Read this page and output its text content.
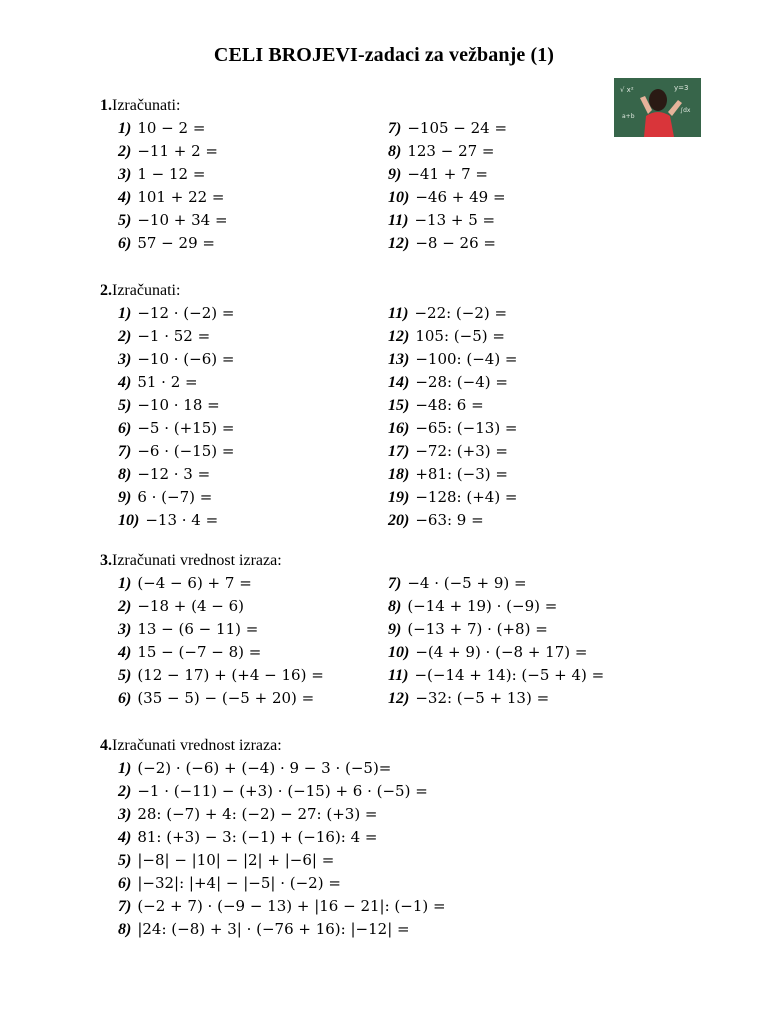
CELI BROJEVI-zadaci za vežbanje (1)
√ x²	y=3
a+b
∫dx
1.Izračunati:
1) 10 − 2 =	7) −105 − 24 =
2) −11 + 2 =	8) 123 − 27 =
3) 1 − 12 =	9) −41 + 7 =
4) 101 + 22 =	10) −46 + 49 =
5) −10 + 34 =	11) −13 + 5 =
6) 57 − 29 =	12) −8 − 26 =
2.Izračunati:
1) −12 · (−2) =	11) −22: (−2) =
2) −1 · 52 =	12) 105: (−5) =
3) −10 · (−6) =	13) −100: (−4) =
4) 51 · 2 =	14) −28: (−4) =
5) −10 · 18 =	15) −48: 6 =
6) −5 · (+15) =	16) −65: (−13) =
7) −6 · (−15) =	17) −72: (+3) =
8) −12 · 3 =	18) +81: (−3) =
9) 6 · (−7) =	19) −128: (+4) =
10) −13 · 4 =	20) −63: 9 =
3.Izračunati vrednost izraza:
1) (−4 − 6) + 7 =	7) −4 · (−5 + 9) =
2) −18 + (4 − 6)	8) (−14 + 19) · (−9) =
3) 13 − (6 − 11) =	9) (−13 + 7) · (+8) =
4) 15 − (−7 − 8) =	10) −(4 + 9) · (−8 + 17) =
5) (12 − 17) + (+4 − 16) =	11) −(−14 + 14): (−5 + 4) =
6) (35 − 5) − (−5 + 20) =	12) −32: (−5 + 13) =
4.Izračunati vrednost izraza:
1) (−2) · (−6) + (−4) · 9 − 3 · (−5)=
2) −1 · (−11) − (+3) · (−15) + 6 · (−5) =
3) 28: (−7) + 4: (−2) − 27: (+3) =
4) 81: (+3) − 3: (−1) + (−16): 4 =
5) |−8| − |10| − |2| + |−6| =
6) |−32|: |+4| − |−5| · (−2) =
7) (−2 + 7) · (−9 − 13) + |16 − 21|: (−1) =
8) |24: (−8) + 3| · (−76 + 16): |−12| =
